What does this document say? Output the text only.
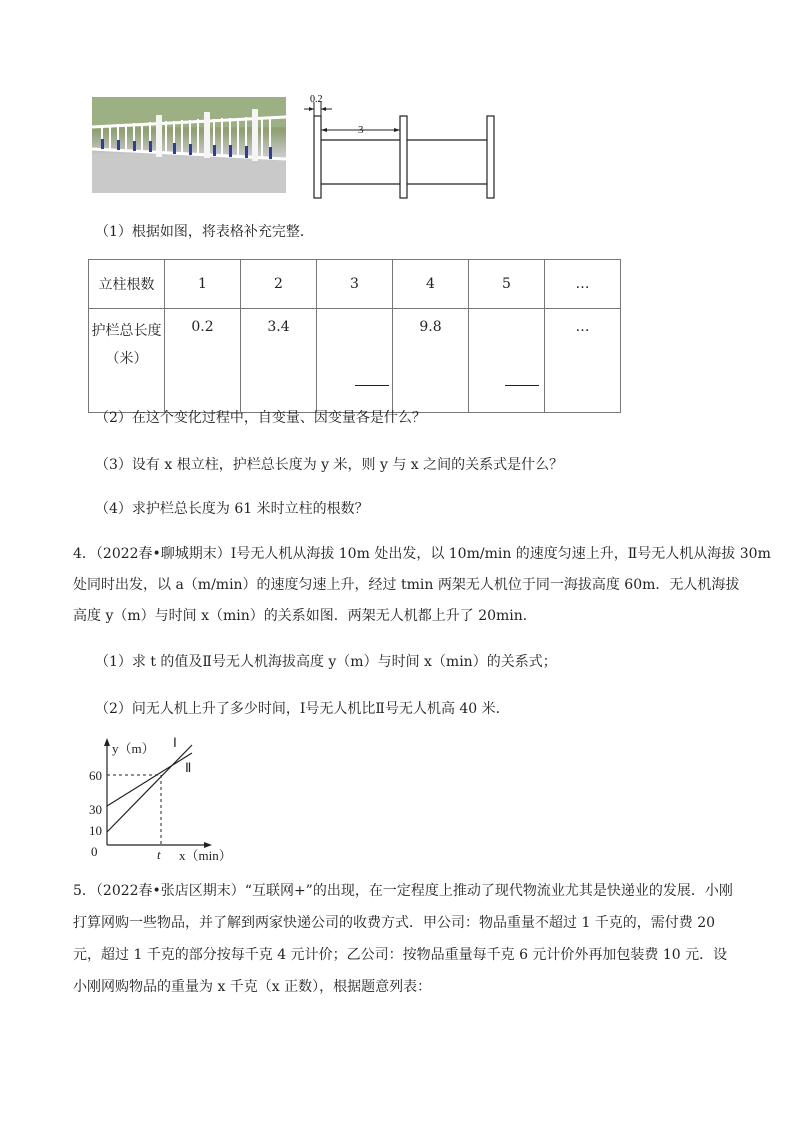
0.2
3
（1）根据如图，将表格补充完整．
立柱根数	1	2	3	4	5	…

护栏总长度
（米）	0.2	3.4		9.8		…
（2）在这个变化过程中，自变量、因变量各是什么？
（3）设有 x 根立柱，护栏总长度为 y 米，则 y 与 x 之间的关系式是什么？
（4）求护栏总长度为 61 米时立柱的根数？
4．（2022春•聊城期末）Ⅰ号无人机从海拔 10m 处出发，以 10m/min 的速度匀速上升，Ⅱ号无人机从海拔 30m
处同时出发，以 a（m/min）的速度匀速上升，经过 tmin 两架无人机位于同一海拔高度 60m．无人机海拔
高度 y（m）与时间 x（min）的关系如图．两架无人机都上升了 20min．
（1）求 t 的值及Ⅱ号无人机海拔高度 y（m）与时间 x（min）的关系式；
（2）问无人机上升了多少时间，Ⅰ号无人机比Ⅱ号无人机高 40 米．
y（m）
x（min）
0
60
30
10
t
Ⅰ
Ⅱ
5．（2022春•张店区期末）“互联网+”的出现，在一定程度上推动了现代物流业尤其是快递业的发展．小刚
打算网购一些物品，并了解到两家快递公司的收费方式．甲公司：物品重量不超过 1 千克的，需付费 20
元，超过 1 千克的部分按每千克 4 元计价；乙公司：按物品重量每千克 6 元计价外再加包装费 10 元．设
小刚网购物品的重量为 x 千克（x 正数），根据题意列表：
